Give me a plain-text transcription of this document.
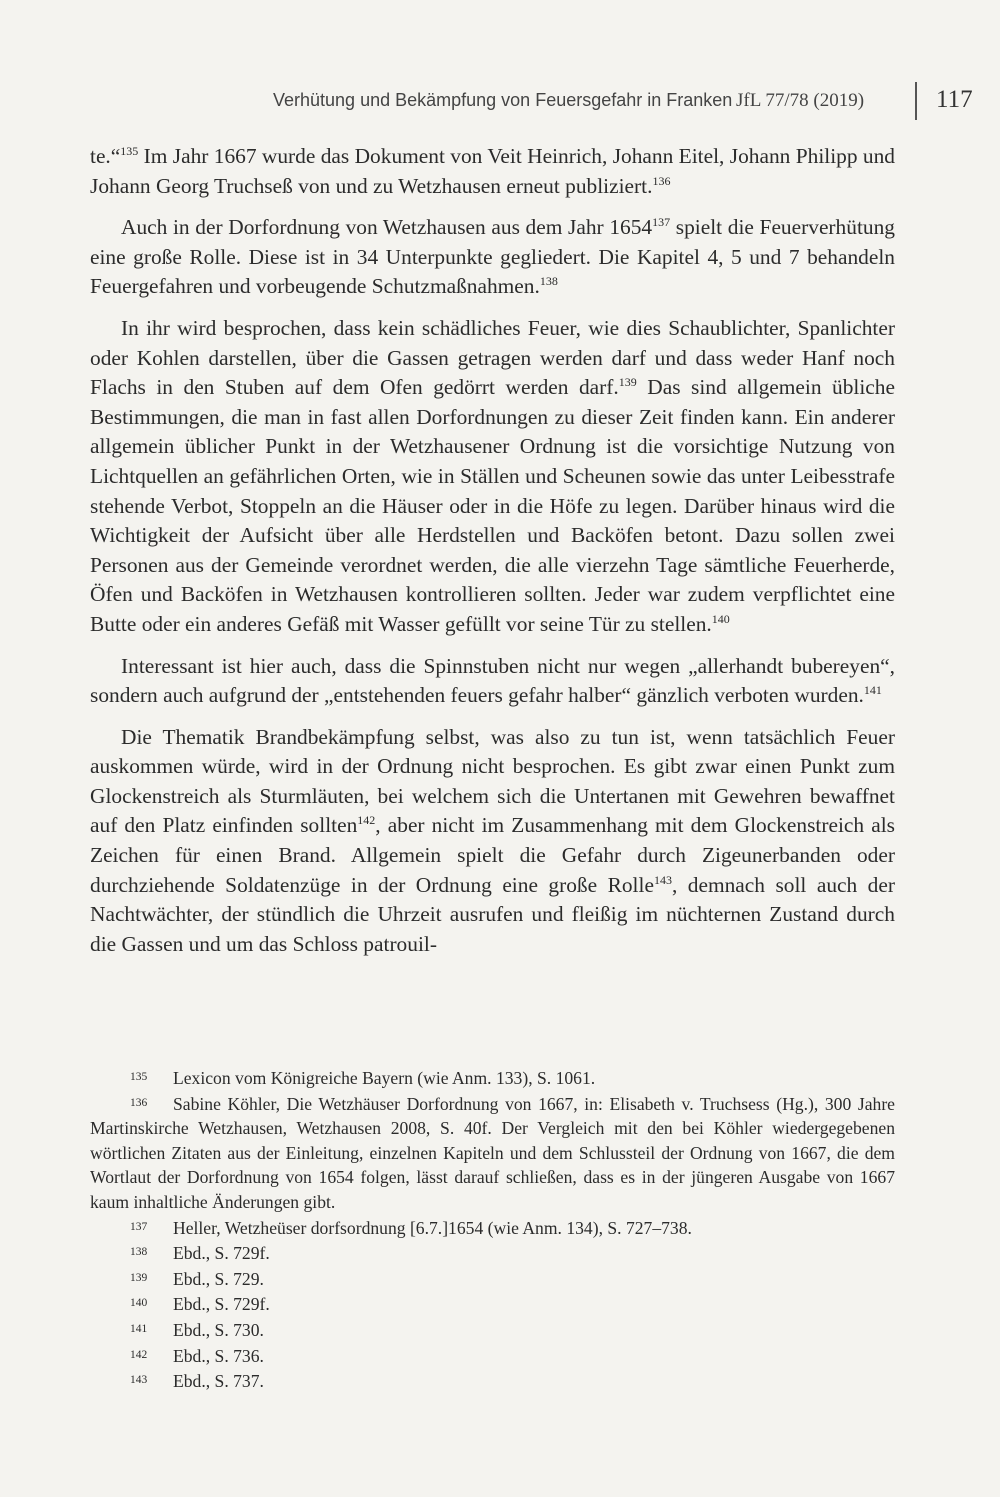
Verhütung und Bekämpfung von Feuersgefahr in Franken JfL 77/78 (2019)	117

te.“$^{135}$ Im Jahr 1667 wurde das Dokument von Veit Heinrich, Johann Eitel, Johann Philipp und Johann Georg Truchseß von und zu Wetzhausen erneut publiziert.$^{136}$

Auch in der Dorfordnung von Wetzhausen aus dem Jahr 1654$^{137}$ spielt die Feuerverhütung eine große Rolle. Diese ist in 34 Unterpunkte gegliedert. Die Kapitel 4, 5 und 7 behandeln Feuergefahren und vorbeugende Schutzmaßnahmen.$^{138}$

In ihr wird besprochen, dass kein schädliches Feuer, wie dies Schaublichter, Spanlichter oder Kohlen darstellen, über die Gassen getragen werden darf und dass weder Hanf noch Flachs in den Stuben auf dem Ofen gedörrt werden darf.$^{139}$ Das sind allgemein übliche Bestimmungen, die man in fast allen Dorfordnungen zu dieser Zeit finden kann. Ein anderer allgemein üblicher Punkt in der Wetzhausener Ordnung ist die vorsichtige Nutzung von Lichtquellen an gefährlichen Orten, wie in Ställen und Scheunen sowie das unter Leibesstrafe stehende Verbot, Stoppeln an die Häuser oder in die Höfe zu legen. Darüber hinaus wird die Wichtigkeit der Aufsicht über alle Herdstellen und Backöfen betont. Dazu sollen zwei Personen aus der Gemeinde verordnet werden, die alle vierzehn Tage sämtliche Feuerherde, Öfen und Backöfen in Wetzhausen kontrollieren sollten. Jeder war zudem verpflichtet eine Butte oder ein anderes Gefäß mit Wasser gefüllt vor seine Tür zu stellen.$^{140}$

Interessant ist hier auch, dass die Spinnstuben nicht nur wegen „allerhandt bubereyen“, sondern auch aufgrund der „entstehenden feuers gefahr halber“ gänzlich verboten wurden.$^{141}$

Die Thematik Brandbekämpfung selbst, was also zu tun ist, wenn tatsächlich Feuer auskommen würde, wird in der Ordnung nicht besprochen. Es gibt zwar einen Punkt zum Glockenstreich als Sturmläuten, bei welchem sich die Untertanen mit Gewehren bewaffnet auf den Platz einfinden sollten$^{142}$, aber nicht im Zusammenhang mit dem Glockenstreich als Zeichen für einen Brand. Allgemein spielt die Gefahr durch Zigeunerbanden oder durchziehende Soldatenzüge in der Ordnung eine große Rolle$^{143}$, demnach soll auch der Nachtwächter, der stündlich die Uhrzeit ausrufen und fleißig im nüchternen Zustand durch die Gassen und um das Schloss patrouil-

135 Lexicon vom Königreiche Bayern (wie Anm. 133), S. 1061.
136 Sabine Köhler, Die Wetzhäuser Dorfordnung von 1667, in: Elisabeth v. Truchsess (Hg.), 300 Jahre Martinskirche Wetzhausen, Wetzhausen 2008, S. 40f. Der Vergleich mit den bei Köhler wiedergegebenen wörtlichen Zitaten aus der Einleitung, einzelnen Kapiteln und dem Schlussteil der Ordnung von 1667, die dem Wortlaut der Dorfordnung von 1654 folgen, lässt darauf schließen, dass es in der jüngeren Ausgabe von 1667 kaum inhaltliche Änderungen gibt.
137 Heller, Wetzheüser dorfsordnung [6.7.]1654 (wie Anm. 134), S. 727–738.
138 Ebd., S. 729f.
139 Ebd., S. 729.
140 Ebd., S. 729f.
141 Ebd., S. 730.
142 Ebd., S. 736.
143 Ebd., S. 737.
